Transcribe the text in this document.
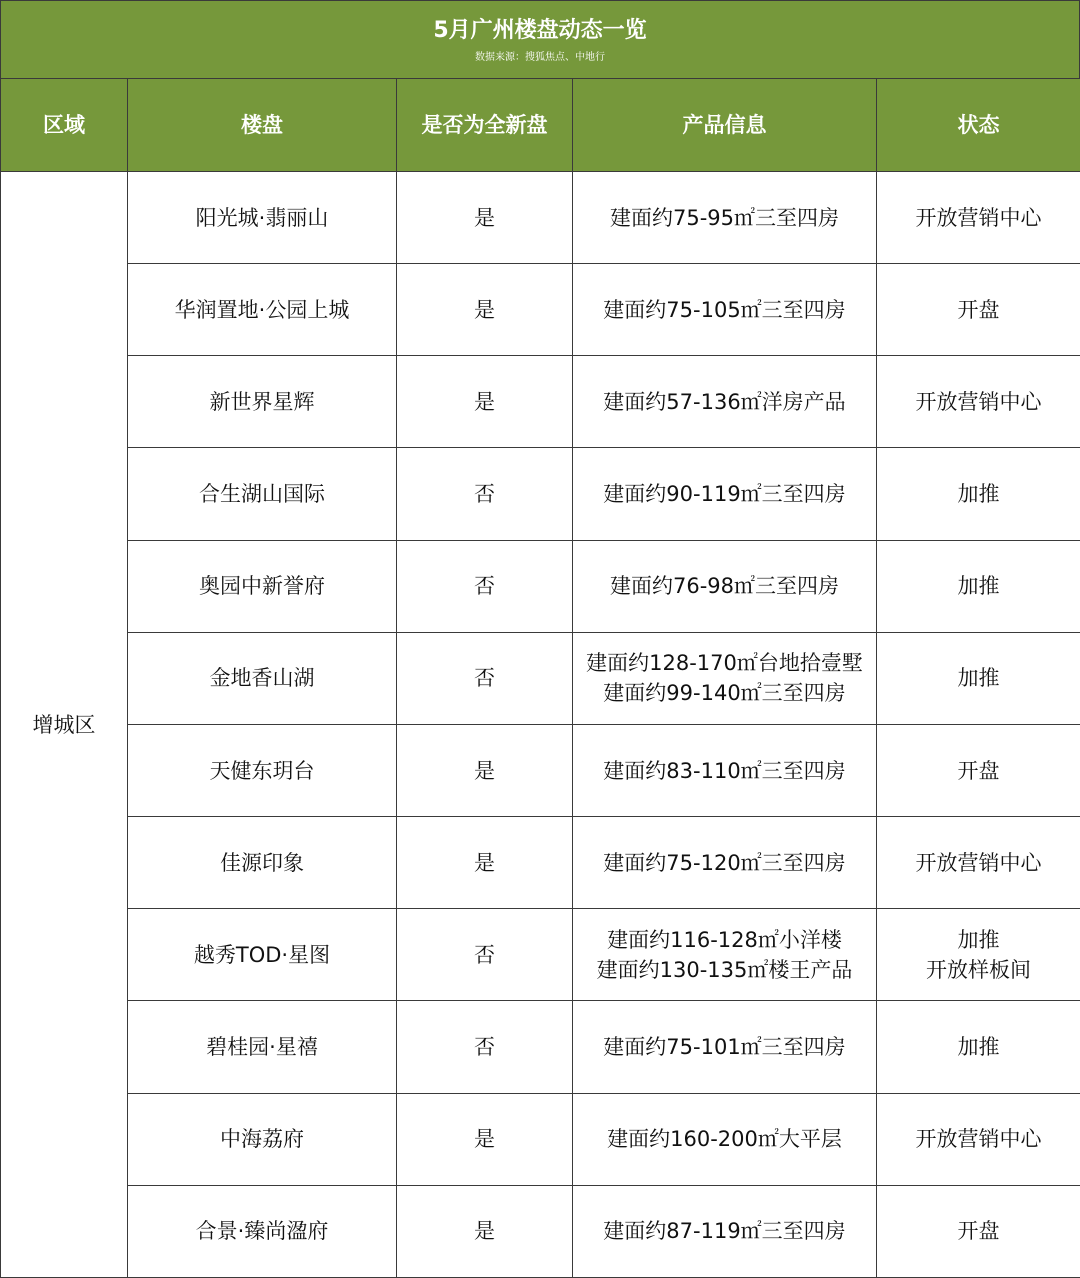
5月广州楼盘动态一览
数据来源：搜狐焦点、中地行
区域	楼盘	是否为全新盘	产品信息	状态
增城区	阳光城·翡丽山	是	建面约75-95㎡三至四房	开放营销中心

	华润置地·公园上城	是	建面约75-105㎡三至四房	开盘

	新世界星辉	是	建面约57-136㎡洋房产品	开放营销中心

	合生湖山国际	否	建面约90-119㎡三至四房	加推

	奥园中新誉府	否	建面约76-98㎡三至四房	加推

	金地香山湖	否	建面约128-170㎡台地拾壹墅
建面约99-140㎡三至四房	加推

	天健东玥台	是	建面约83-110㎡三至四房	开盘

	佳源印象	是	建面约75-120㎡三至四房	开放营销中心

	越秀TOD·星图	否	建面约116-128㎡小洋楼
建面约130-135㎡楼王产品	加推
开放样板间

	碧桂园·星禧	否	建面约75-101㎡三至四房	加推

	中海荔府	是	建面约160-200㎡大平层	开放营销中心

	合景·臻尚溋府	是	建面约87-119㎡三至四房	开盘
